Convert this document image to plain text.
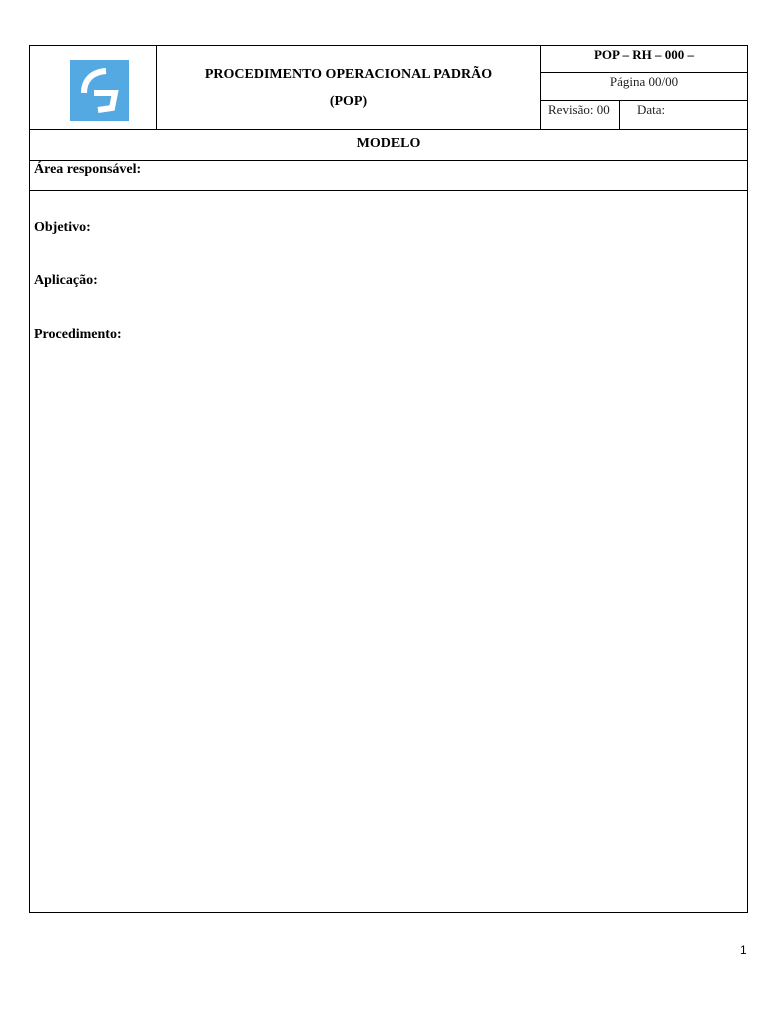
PROCEDIMENTO OPERACIONAL PADRÃO
(POP)
POP – RH – 000 –
Página 00/00
Revisão: 00	Data:
MODELO
Área responsável:
Objetivo:
Aplicação:
Procedimento:
1
